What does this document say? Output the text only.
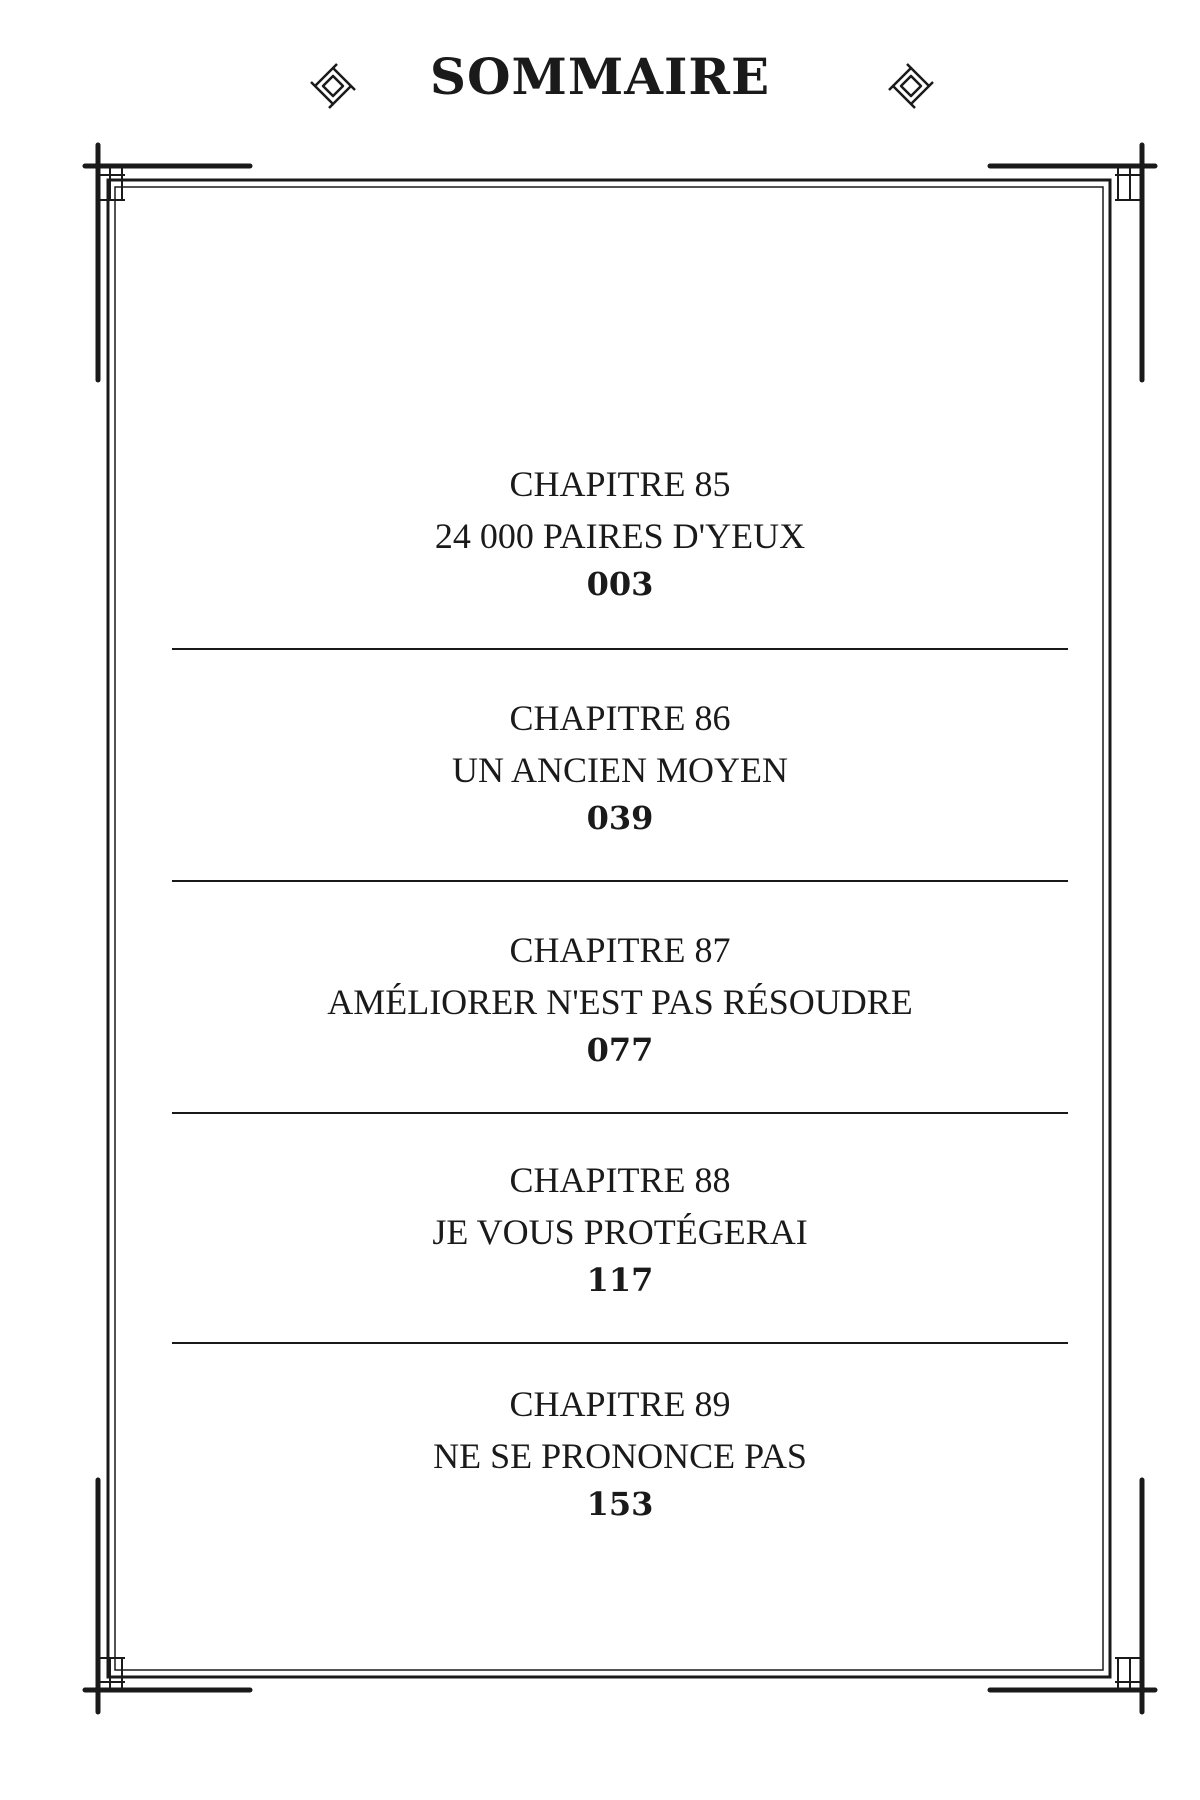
SOMMAIRE
CHAPITRE 85
24 000 PAIRES D'YEUX
003
CHAPITRE 86
UN ANCIEN MOYEN
039
CHAPITRE 87
AMÉLIORER N'EST PAS RÉSOUDRE
077
CHAPITRE 88
JE VOUS PROTÉGERAI
117
CHAPITRE 89
NE SE PRONONCE PAS
153
